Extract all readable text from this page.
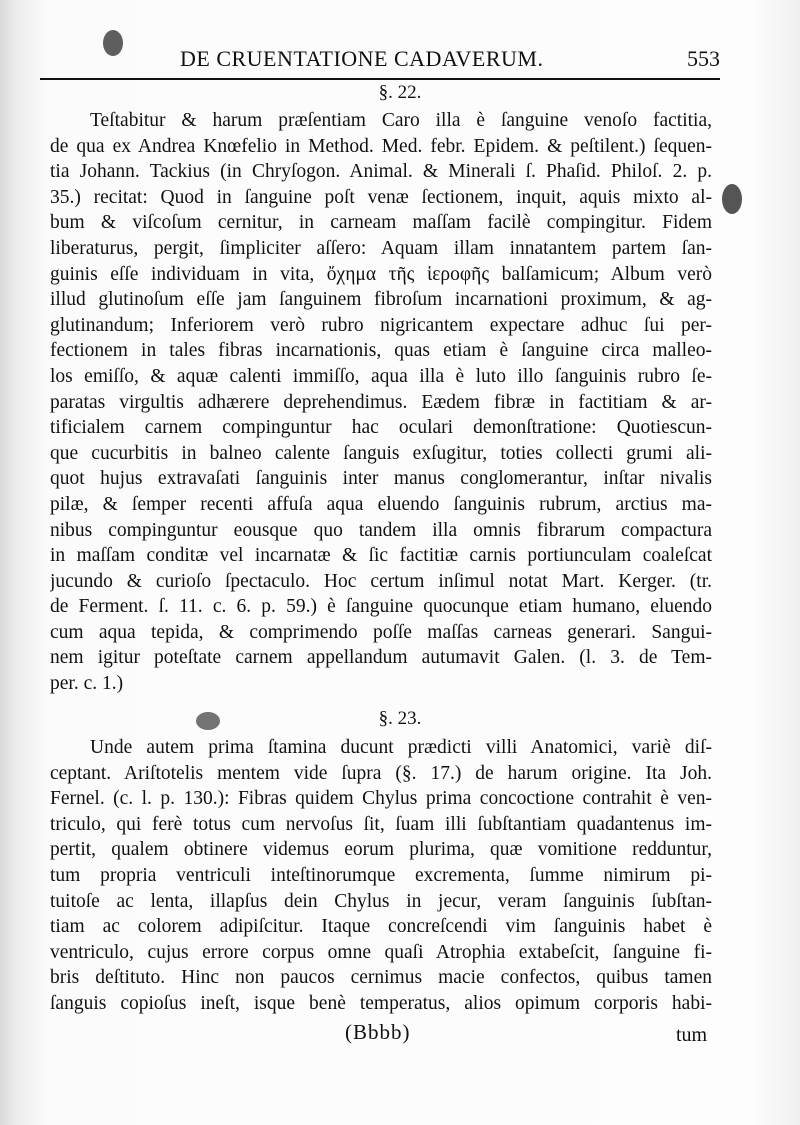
DE CRUENTATIONE CADAVERUM.	553
§. 22.
Teſtabitur & harum præſentiam Caro illa è ſanguine venoſo factitia,
de qua ex Andrea Knœfelio in Method. Med. febr. Epidem. & peſtilent.) ſequen-
tia Johann. Tackius (in Chryſogon. Animal. & Minerali ſ. Phaſid. Philoſ. 2. p.
35.) recitat: Quod in ſanguine poſt venæ ſectionem, inquit, aquis mixto al-
bum & viſcoſum cernitur, in carneam maſſam facilè compingitur. Fidem
liberaturus, pergit, ſimpliciter aſſero: Aquam illam innatantem partem ſan-
guinis eſſe individuam in vita, ὄχημα τῆς ἱεροφῆς balſamicum; Album verò
illud glutinoſum eſſe jam ſanguinem fibroſum incarnationi proximum, & ag-
glutinandum; Inferiorem verò rubro nigricantem expectare adhuc ſui per-
fectionem in tales fibras incarnationis, quas etiam è ſanguine circa malleo-
los emiſſo, & aquæ calenti immiſſo, aqua illa è luto illo ſanguinis rubro ſe-
paratas virgultis adhærere deprehendimus. Eædem fibræ in factitiam & ar-
tificialem carnem compinguntur hac oculari demonſtratione: Quotiescun-
que cucurbitis in balneo calente ſanguis exſugitur, toties collecti grumi ali-
quot hujus extravaſati ſanguinis inter manus conglomerantur, inſtar nivalis
pilæ, & ſemper recenti affuſa aqua eluendo ſanguinis rubrum, arctius ma-
nibus compinguntur eousque quo tandem illa omnis fibrarum compactura
in maſſam conditæ vel incarnatæ & ſic factitiæ carnis portiunculam coaleſcat
jucundo & curioſo ſpectaculo. Hoc certum inſimul notat Mart. Kerger. (tr.
de Ferment. ſ. 11. c. 6. p. 59.) è ſanguine quocunque etiam humano, eluendo
cum aqua tepida, & comprimendo poſſe maſſas carneas generari. Sangui-
nem igitur poteſtate carnem appellandum autumavit Galen. (l. 3. de Tem-
per. c. 1.)
§. 23.
Unde autem prima ſtamina ducunt prædicti villi Anatomici, variè diſ-
ceptant. Ariſtotelis mentem vide ſupra (§. 17.) de harum origine. Ita Joh.
Fernel. (c. l. p. 130.): Fibras quidem Chylus prima concoctione contrahit è ven-
triculo, qui ferè totus cum nervoſus ſit, ſuam illi ſubſtantiam quadantenus im-
pertit, qualem obtinere videmus eorum plurima, quæ vomitione redduntur,
tum propria ventriculi inteſtinorumque excrementa, ſumme nimirum pi-
tuitoſe ac lenta, illapſus dein Chylus in jecur, veram ſanguinis ſubſtan-
tiam ac colorem adipiſcitur. Itaque concreſcendi vim ſanguinis habet è
ventriculo, cujus errore corpus omne quaſi Atrophia extabeſcit, ſanguine fi-
bris deſtituto. Hinc non paucos cernimus macie confectos, quibus tamen
ſanguis copioſus ineſt, isque benè temperatus, alios opimum corporis habi-
(Bbbb)	tum
